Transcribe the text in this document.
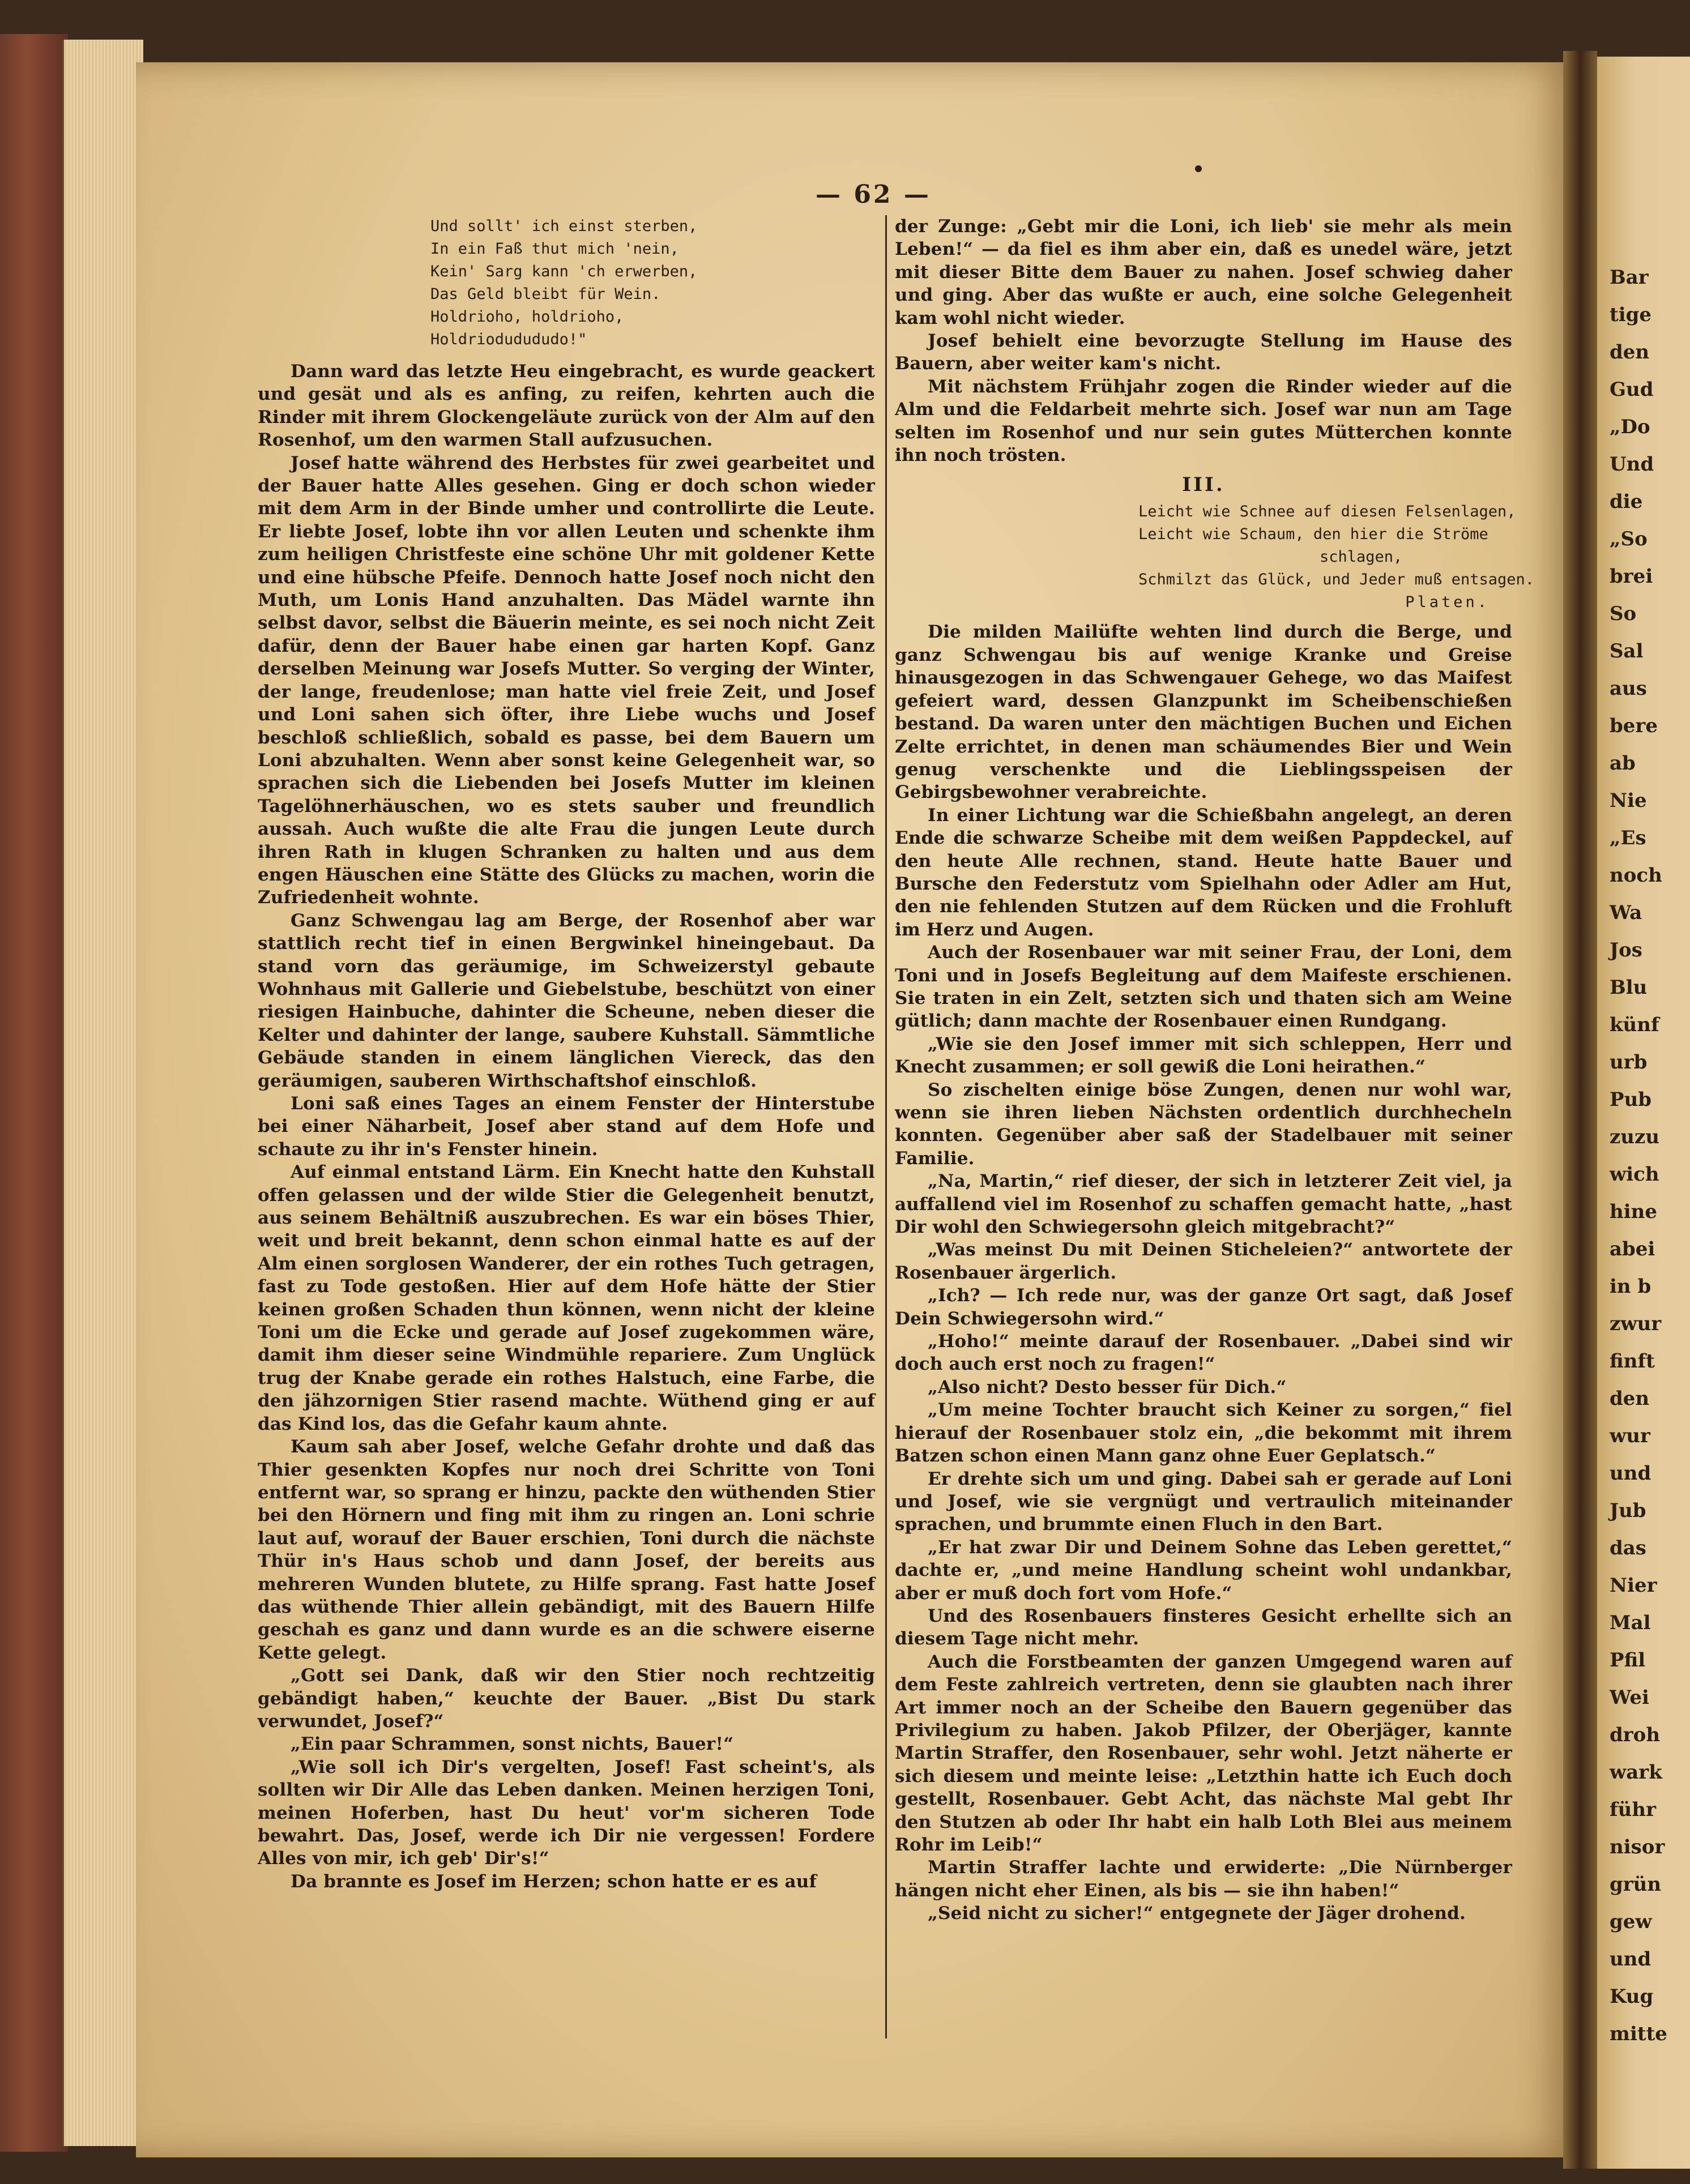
Bar
tige
den
Gud
„Do
Und
die
„So
brei
So
Sal
aus
bere
ab
Nie
„Es
noch
Wa
Jos
Blu
künf
urb
Pub
zuzu
wich
hine
abei
in b
zwur
finft
den
wur
und
Jub
das
Nier
Mal
Pfil
Wei
droh
wark
führ
nisor
grün
gew
und
Kug
mitte
— 62 —
Und sollt' ich einst sterben,
In ein Faß thut mich 'nein,
Kein' Sarg kann 'ch erwerben,
Das Geld bleibt für Wein.
Holdrioho, holdrioho,
Holdriodudududo!"

Dann ward das letzte Heu eingebracht, es wurde geackert und gesät und als es anfing, zu reifen, kehrten auch die Rinder mit ihrem Glockengeläute zurück von der Alm auf den Rosenhof, um den warmen Stall aufzusuchen.

Josef hatte während des Herbstes für zwei gearbeitet und der Bauer hatte Alles gesehen. Ging er doch schon wieder mit dem Arm in der Binde umher und controllirte die Leute. Er liebte Josef, lobte ihn vor allen Leuten und schenkte ihm zum heiligen Christfeste eine schöne Uhr mit goldener Kette und eine hübsche Pfeife. Dennoch hatte Josef noch nicht den Muth, um Lonis Hand anzuhalten. Das Mädel warnte ihn selbst davor, selbst die Bäuerin meinte, es sei noch nicht Zeit dafür, denn der Bauer habe einen gar harten Kopf. Ganz derselben Meinung war Josefs Mutter. So verging der Winter, der lange, freudenlose; man hatte viel freie Zeit, und Josef und Loni sahen sich öfter, ihre Liebe wuchs und Josef beschloß schließlich, sobald es passe, bei dem Bauern um Loni abzuhalten. Wenn aber sonst keine Gelegenheit war, so sprachen sich die Liebenden bei Josefs Mutter im kleinen Tagelöhnerhäuschen, wo es stets sauber und freundlich aussah. Auch wußte die alte Frau die jungen Leute durch ihren Rath in klugen Schranken zu halten und aus dem engen Häuschen eine Stätte des Glücks zu machen, worin die Zufriedenheit wohnte.

Ganz Schwengau lag am Berge, der Rosenhof aber war stattlich recht tief in einen Bergwinkel hineingebaut. Da stand vorn das geräumige, im Schweizerstyl gebaute Wohnhaus mit Gallerie und Giebelstube, beschützt von einer riesigen Hainbuche, dahinter die Scheune, neben dieser die Kelter und dahinter der lange, saubere Kuhstall. Sämmtliche Gebäude standen in einem länglichen Viereck, das den geräumigen, sauberen Wirthschaftshof einschloß.

Loni saß eines Tages an einem Fenster der Hinterstube bei einer Näharbeit, Josef aber stand auf dem Hofe und schaute zu ihr in's Fenster hinein.

Auf einmal entstand Lärm. Ein Knecht hatte den Kuhstall offen gelassen und der wilde Stier die Gelegenheit benutzt, aus seinem Behältniß auszubrechen. Es war ein böses Thier, weit und breit bekannt, denn schon einmal hatte es auf der Alm einen sorglosen Wanderer, der ein rothes Tuch getragen, fast zu Tode gestoßen. Hier auf dem Hofe hätte der Stier keinen großen Schaden thun können, wenn nicht der kleine Toni um die Ecke und gerade auf Josef zugekommen wäre, damit ihm dieser seine Windmühle repariere. Zum Unglück trug der Knabe gerade ein rothes Halstuch, eine Farbe, die den jähzornigen Stier rasend machte. Wüthend ging er auf das Kind los, das die Gefahr kaum ahnte.

Kaum sah aber Josef, welche Gefahr drohte und daß das Thier gesenkten Kopfes nur noch drei Schritte von Toni entfernt war, so sprang er hinzu, packte den wüthenden Stier bei den Hörnern und fing mit ihm zu ringen an. Loni schrie laut auf, worauf der Bauer erschien, Toni durch die nächste Thür in's Haus schob und dann Josef, der bereits aus mehreren Wunden blutete, zu Hilfe sprang. Fast hatte Josef das wüthende Thier allein gebändigt, mit des Bauern Hilfe geschah es ganz und dann wurde es an die schwere eiserne Kette gelegt.

„Gott sei Dank, daß wir den Stier noch rechtzeitig gebändigt haben,“ keuchte der Bauer. „Bist Du stark verwundet, Josef?“

„Ein paar Schrammen, sonst nichts, Bauer!“

„Wie soll ich Dir's vergelten, Josef! Fast scheint's, als sollten wir Dir Alle das Leben danken. Meinen herzigen Toni, meinen Hoferben, hast Du heut' vor'm sicheren Tode bewahrt. Das, Josef, werde ich Dir nie vergessen! Fordere Alles von mir, ich geb' Dir's!“

Da brannte es Josef im Herzen; schon hatte er es auf

der Zunge: „Gebt mir die Loni, ich lieb' sie mehr als mein Leben!“ — da fiel es ihm aber ein, daß es unedel wäre, jetzt mit dieser Bitte dem Bauer zu nahen. Josef schwieg daher und ging. Aber das wußte er auch, eine solche Gelegenheit kam wohl nicht wieder.

Josef behielt eine bevorzugte Stellung im Hause des Bauern, aber weiter kam's nicht.

Mit nächstem Frühjahr zogen die Rinder wieder auf die Alm und die Feldarbeit mehrte sich. Josef war nun am Tage selten im Rosenhof und nur sein gutes Mütterchen konnte ihn noch trösten.

III.
Leicht wie Schnee auf diesen Felsenlagen,
Leicht wie Schaum, den hier die Ströme
schlagen,
Schmilzt das Glück, und Jeder muß entsagen.
Platen.

Die milden Mailüfte wehten lind durch die Berge, und ganz Schwengau bis auf wenige Kranke und Greise hinausgezogen in das Schwengauer Gehege, wo das Maifest gefeiert ward, dessen Glanzpunkt im Scheibenschießen bestand. Da waren unter den mächtigen Buchen und Eichen Zelte errichtet, in denen man schäumendes Bier und Wein genug verschenkte und die Lieblingsspeisen der Gebirgsbewohner verabreichte.

In einer Lichtung war die Schießbahn angelegt, an deren Ende die schwarze Scheibe mit dem weißen Pappdeckel, auf den heute Alle rechnen, stand. Heute hatte Bauer und Bursche den Federstutz vom Spielhahn oder Adler am Hut, den nie fehlenden Stutzen auf dem Rücken und die Frohluft im Herz und Augen.

Auch der Rosenbauer war mit seiner Frau, der Loni, dem Toni und in Josefs Begleitung auf dem Maifeste erschienen. Sie traten in ein Zelt, setzten sich und thaten sich am Weine gütlich; dann machte der Rosenbauer einen Rundgang.

„Wie sie den Josef immer mit sich schleppen, Herr und Knecht zusammen; er soll gewiß die Loni heirathen.“

So zischelten einige böse Zungen, denen nur wohl war, wenn sie ihren lieben Nächsten ordentlich durchhecheln konnten. Gegenüber aber saß der Stadelbauer mit seiner Familie.

„Na, Martin,“ rief dieser, der sich in letzterer Zeit viel, ja auffallend viel im Rosenhof zu schaffen gemacht hatte, „hast Dir wohl den Schwiegersohn gleich mitgebracht?“

„Was meinst Du mit Deinen Sticheleien?“ antwortete der Rosenbauer ärgerlich.

„Ich? — Ich rede nur, was der ganze Ort sagt, daß Josef Dein Schwiegersohn wird.“

„Hoho!“ meinte darauf der Rosenbauer. „Dabei sind wir doch auch erst noch zu fragen!“

„Also nicht? Desto besser für Dich.“

„Um meine Tochter braucht sich Keiner zu sorgen,“ fiel hierauf der Rosenbauer stolz ein, „die bekommt mit ihrem Batzen schon einen Mann ganz ohne Euer Geplatsch.“

Er drehte sich um und ging. Dabei sah er gerade auf Loni und Josef, wie sie vergnügt und vertraulich miteinander sprachen, und brummte einen Fluch in den Bart.

„Er hat zwar Dir und Deinem Sohne das Leben gerettet,“ dachte er, „und meine Handlung scheint wohl undankbar, aber er muß doch fort vom Hofe.“

Und des Rosenbauers finsteres Gesicht erhellte sich an diesem Tage nicht mehr.

Auch die Forstbeamten der ganzen Umgegend waren auf dem Feste zahlreich vertreten, denn sie glaubten nach ihrer Art immer noch an der Scheibe den Bauern gegenüber das Privilegium zu haben. Jakob Pfilzer, der Oberjäger, kannte Martin Straffer, den Rosenbauer, sehr wohl. Jetzt näherte er sich diesem und meinte leise: „Letzthin hatte ich Euch doch gestellt, Rosenbauer. Gebt Acht, das nächste Mal gebt Ihr den Stutzen ab oder Ihr habt ein halb Loth Blei aus meinem Rohr im Leib!“

Martin Straffer lachte und erwiderte: „Die Nürnberger hängen nicht eher Einen, als bis — sie ihn haben!“

„Seid nicht zu sicher!“ entgegnete der Jäger drohend.
